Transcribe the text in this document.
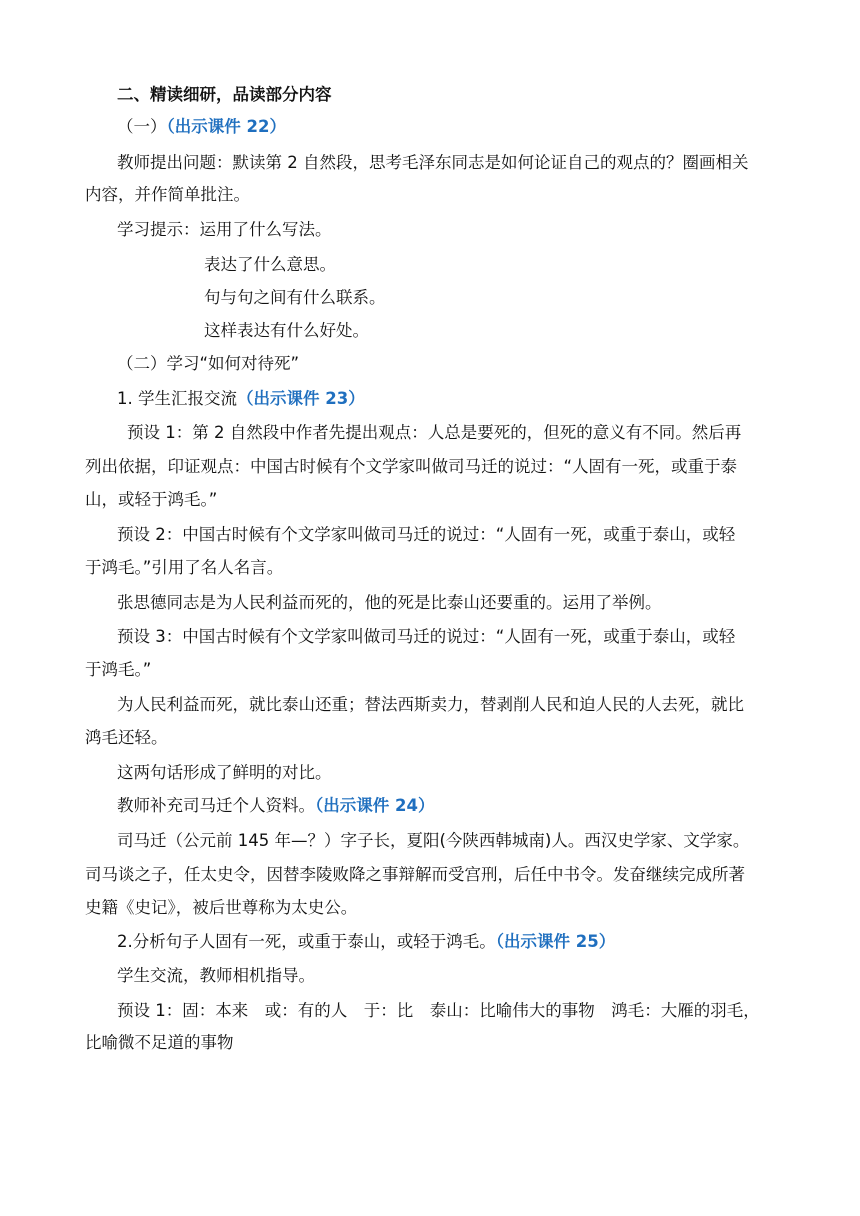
二、精读细研，品读部分内容
（一）（出示课件 22）
教师提出问题：默读第 2 自然段，思考毛泽东同志是如何论证自己的观点的？圈画相关
内容，并作简单批注。
学习提示：运用了什么写法。
表达了什么意思。
句与句之间有什么联系。
这样表达有什么好处。
（二）学习“如何对待死”
1. 学生汇报交流（出示课件 23）
预设 1：第 2 自然段中作者先提出观点：人总是要死的，但死的意义有不同。然后再
列出依据，印证观点：中国古时候有个文学家叫做司马迁的说过：“人固有一死，或重于泰
山，或轻于鸿毛。”
预设 2：中国古时候有个文学家叫做司马迁的说过：“人固有一死，或重于泰山，或轻
于鸿毛。”引用了名人名言。
张思德同志是为人民利益而死的，他的死是比泰山还要重的。运用了举例。
预设 3：中国古时候有个文学家叫做司马迁的说过：“人固有一死，或重于泰山，或轻
于鸿毛。”
为人民利益而死，就比泰山还重；替法西斯卖力，替剥削人民和迫人民的人去死，就比
鸿毛还轻。
这两句话形成了鲜明的对比。
教师补充司马迁个人资料。（出示课件 24）
司马迁（公元前 145 年—？）字子长，夏阳(今陕西韩城南)人。西汉史学家、文学家。
司马谈之子，任太史令，因替李陵败降之事辩解而受宫刑，后任中书令。发奋继续完成所著
史籍《史记》，被后世尊称为太史公。
2.分析句子人固有一死，或重于泰山，或轻于鸿毛。（出示课件 25）
学生交流，教师相机指导。
预设 1：固：本来　或：有的人　于：比　泰山：比喻伟大的事物　鸿毛：大雁的羽毛，
比喻微不足道的事物
